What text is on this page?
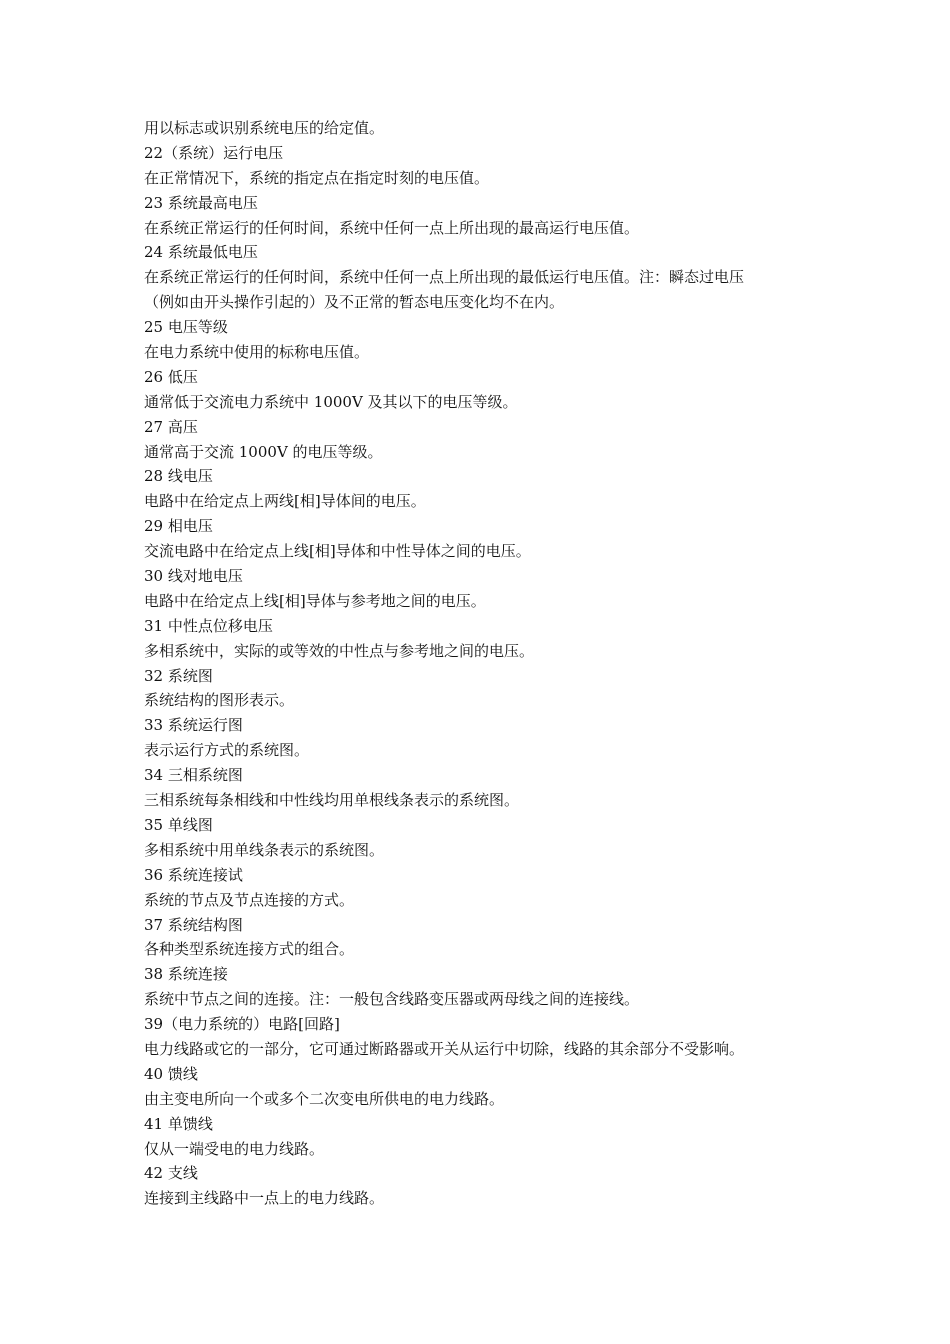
用以标志或识别系统电压的给定值。
22（系统）运行电压
在正常情况下，系统的指定点在指定时刻的电压值。
23 系统最高电压
在系统正常运行的任何时间，系统中任何一点上所出现的最高运行电压值。
24 系统最低电压
在系统正常运行的任何时间，系统中任何一点上所出现的最低运行电压值。注：瞬态过电压
（例如由开头操作引起的）及不正常的暂态电压变化均不在内。
25 电压等级
在电力系统中使用的标称电压值。
26 低压
通常低于交流电力系统中 1000V 及其以下的电压等级。
27 高压
通常高于交流 1000V 的电压等级。
28 线电压
电路中在给定点上两线[相]导体间的电压。
29 相电压
交流电路中在给定点上线[相]导体和中性导体之间的电压。
30 线对地电压
电路中在给定点上线[相]导体与参考地之间的电压。
31 中性点位移电压
多相系统中，实际的或等效的中性点与参考地之间的电压。
32 系统图
系统结构的图形表示。
33 系统运行图
表示运行方式的系统图。
34 三相系统图
三相系统每条相线和中性线均用单根线条表示的系统图。
35 单线图
多相系统中用单线条表示的系统图。
36 系统连接试
系统的节点及节点连接的方式。
37 系统结构图
各种类型系统连接方式的组合。
38 系统连接
系统中节点之间的连接。注：一般包含线路变压器或两母线之间的连接线。
39（电力系统的）电路[回路]
电力线路或它的一部分，它可通过断路器或开关从运行中切除，线路的其余部分不受影响。
40 馈线
由主变电所向一个或多个二次变电所供电的电力线路。
41 单馈线
仅从一端受电的电力线路。
42 支线
连接到主线路中一点上的电力线路。
